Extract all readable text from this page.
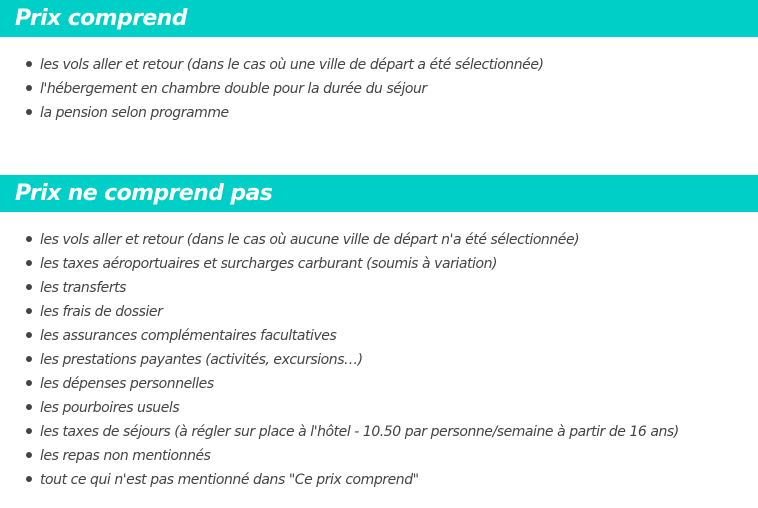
Prix comprend
les vols aller et retour (dans le cas où une ville de départ a été sélectionnée)
l'hébergement en chambre double pour la durée du séjour
la pension selon programme
Prix ne comprend pas
les vols aller et retour (dans le cas où aucune ville de départ n'a été sélectionnée)
les taxes aéroportuaires et surcharges carburant (soumis à variation)
les transferts
les frais de dossier
les assurances complémentaires facultatives
les prestations payantes (activités, excursions…)
les dépenses personnelles
les pourboires usuels
les taxes de séjours (à régler sur place à l'hôtel - 10.50 par personne/semaine à partir de 16 ans)
les repas non mentionnés
tout ce qui n'est pas mentionné dans "Ce prix comprend"
